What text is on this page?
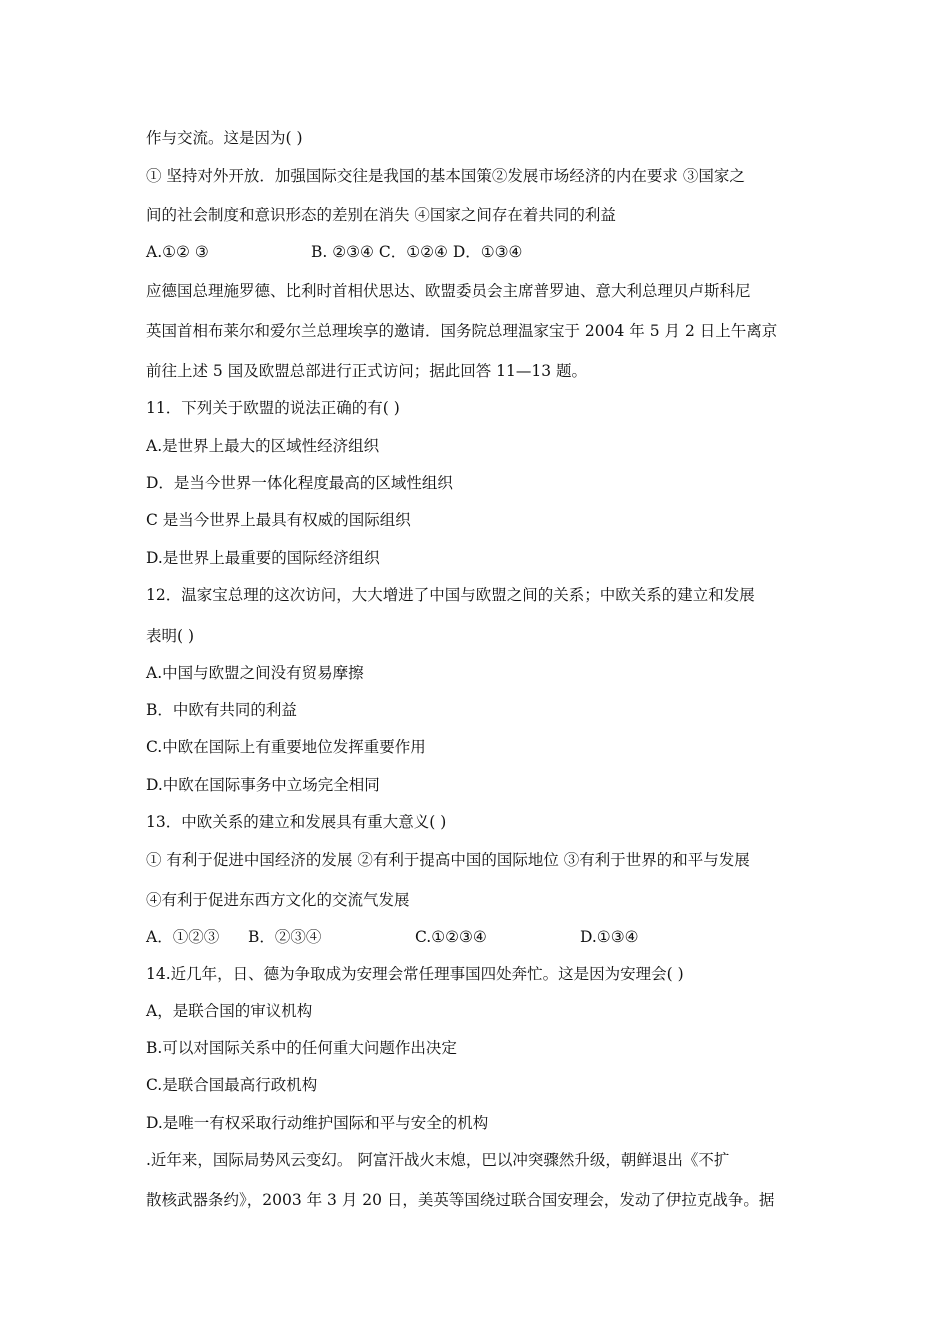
作与交流。这是因为( )

① 坚持对外开放．加强国际交往是我国的基本国策②发展市场经济的内在要求 ③国家之

间的社会制度和意识形态的差别在消失 ④国家之间存在着共同的利益

A.①② ③	B. ②③④ C．①②④ D．①③④

应德国总理施罗德、比利时首相伏思达、欧盟委员会主席普罗迪、意大利总理贝卢斯科尼

英国首相布莱尔和爱尔兰总理埃享的邀请．国务院总理温家宝于 2004 年 5 月 2 日上午离京

前往上述 5 国及欧盟总部进行正式访问；据此回答 11—13 题。

11．下列关于欧盟的说法正确的有( )

A.是世界上最大的区域性经济组织

D．是当今世界一体化程度最高的区域性组织

C 是当今世界上最具有权威的国际组织

D.是世界上最重要的国际经济组织

12．温家宝总理的这次访问，大大增进了中国与欧盟之间的关系；中欧关系的建立和发展

表明( )

A.中国与欧盟之间没有贸易摩擦

B．中欧有共同的利益

C.中欧在国际上有重要地位发挥重要作用

D.中欧在国际事务中立场完全相同

13．中欧关系的建立和发展具有重大意义( )

① 有利于促进中国经济的发展 ②有利于提高中国的国际地位 ③有利于世界的和平与发展

④有利于促进东西方文化的交流气发展

A．①②③ B．②③④	C.①②③④	D.①③④

14.近几年，日、德为争取成为安理会常任理事国四处奔忙。这是因为安理会( )

A，是联合国的审议机构

B.可以对国际关系中的任何重大问题作出决定

C.是联合国最高行政机构

D.是唯一有权采取行动维护国际和平与安全的机构

.近年来，国际局势风云变幻。 阿富汗战火末熄，巴以冲突骤然升级，朝鲜退出《不扩

散核武器条约》，2003 年 3 月 20 日，美英等国绕过联合国安理会，发动了伊拉克战争。据
